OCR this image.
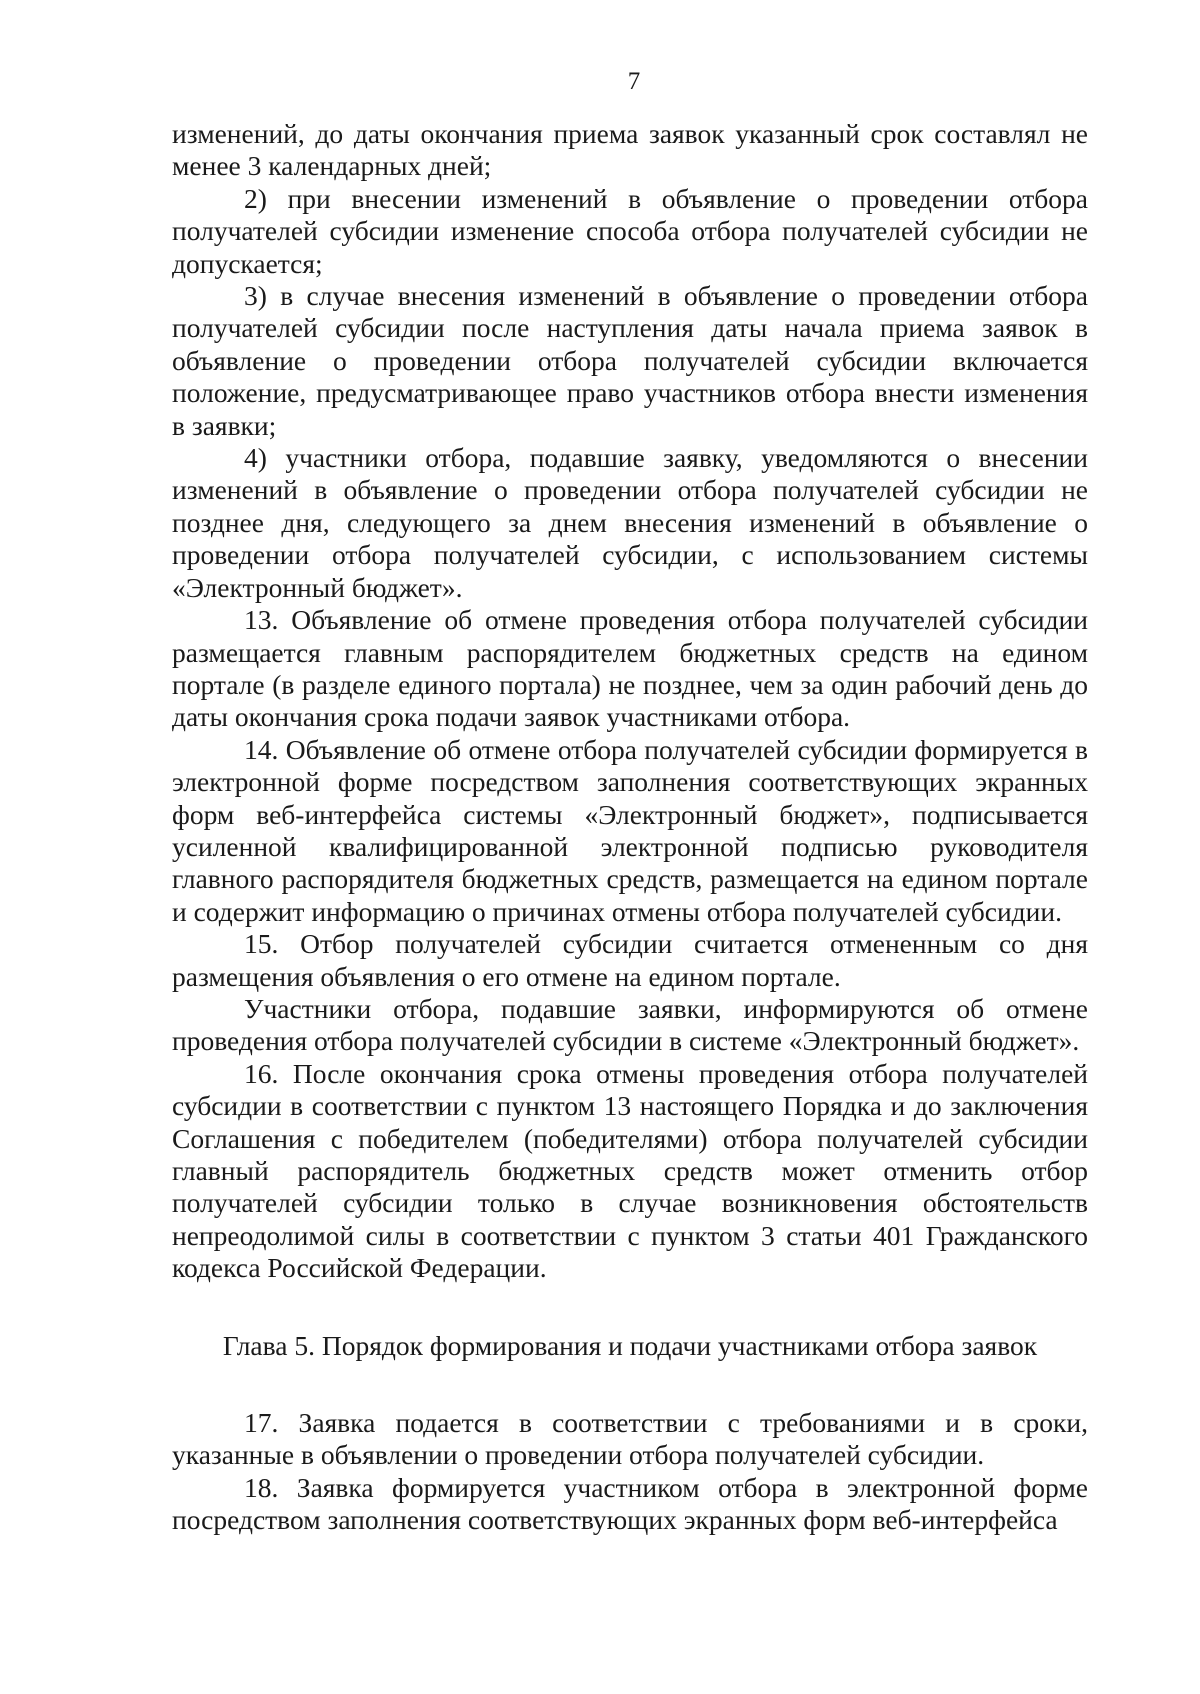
7

изменений, до даты окончания приема заявок указанный срок составлял не менее 3 календарных дней;

2) при внесении изменений в объявление о проведении отбора получателей субсидии изменение способа отбора получателей субсидии не допускается;

3) в случае внесения изменений в объявление о проведении отбора получателей субсидии после наступления даты начала приема заявок в объявление о проведении отбора получателей субсидии включается положение, предусматривающее право участников отбора внести изменения в заявки;

4) участники отбора, подавшие заявку, уведомляются о внесении изменений в объявление о проведении отбора получателей субсидии не позднее дня, следующего за днем внесения изменений в объявление о проведении отбора получателей субсидии, с использованием системы «Электронный бюджет».

13. Объявление об отмене проведения отбора получателей субсидии размещается главным распорядителем бюджетных средств на едином портале (в разделе единого портала) не позднее, чем за один рабочий день до даты окончания срока подачи заявок участниками отбора.

14. Объявление об отмене отбора получателей субсидии формируется в электронной форме посредством заполнения соответствующих экранных форм веб-интерфейса системы «Электронный бюджет», подписывается усиленной квалифицированной электронной подписью руководителя главного распорядителя бюджетных средств, размещается на едином портале и содержит информацию о причинах отмены отбора получателей субсидии.

15. Отбор получателей субсидии считается отмененным со дня размещения объявления о его отмене на едином портале.

Участники отбора, подавшие заявки, информируются об отмене проведения отбора получателей субсидии в системе «Электронный бюджет».

16. После окончания срока отмены проведения отбора получателей субсидии в соответствии с пунктом 13 настоящего Порядка и до заключения Соглашения с победителем (победителями) отбора получателей субсидии главный распорядитель бюджетных средств может отменить отбор получателей субсидии только в случае возникновения обстоятельств непреодолимой силы в соответствии с пунктом 3 статьи 401 Гражданского кодекса Российской Федерации.

Глава 5. Порядок формирования и подачи участниками отбора заявок

17. Заявка подается в соответствии с требованиями и в сроки, указанные в объявлении о проведении отбора получателей субсидии.

18. Заявка формируется участником отбора в электронной форме посредством заполнения соответствующих экранных форм веб-интерфейса
